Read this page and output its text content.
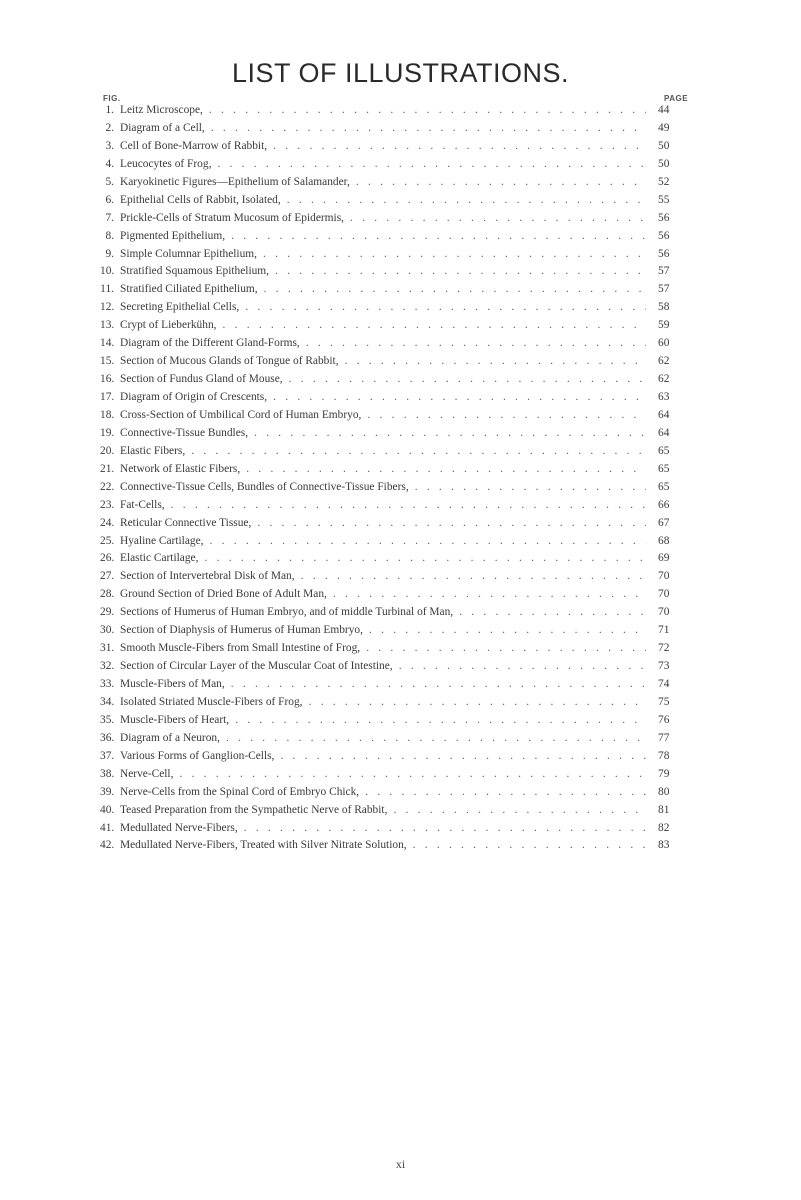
LIST OF ILLUSTRATIONS.
FIG.	PAGE
1. Leitz Microscope, . . .	44
2. Diagram of a Cell, . . .	49
3. Cell of Bone-Marrow of Rabbit, . . .	50
4. Leucocytes of Frog, . . .	50
5. Karyokinetic Figures—Epithelium of Salamander, . . .	52
6. Epithelial Cells of Rabbit, Isolated, . . .	55
7. Prickle-Cells of Stratum Mucosum of Epidermis, . . .	56
8. Pigmented Epithelium, . . .	56
9. Simple Columnar Epithelium, . . .	56
10. Stratified Squamous Epithelium, . . .	57
11. Stratified Ciliated Epithelium, . . .	57
12. Secreting Epithelial Cells, . . .	58
13. Crypt of Lieberkühn, . . .	59
14. Diagram of the Different Gland-Forms, . . .	60
15. Section of Mucous Glands of Tongue of Rabbit, . . .	62
16. Section of Fundus Gland of Mouse, . . .	62
17. Diagram of Origin of Crescents, . . .	63
18. Cross-Section of Umbilical Cord of Human Embryo, . . .	64
19. Connective-Tissue Bundles, . . .	64
20. Elastic Fibers, . . .	65
21. Network of Elastic Fibers, . . .	65
22. Connective-Tissue Cells, Bundles of Connective-Tissue Fibers, . . .	65
23. Fat-Cells, . . .	66
24. Reticular Connective Tissue, . . .	67
25. Hyaline Cartilage, . . .	68
26. Elastic Cartilage, . . .	69
27. Section of Intervertebral Disk of Man, . . .	70
28. Ground Section of Dried Bone of Adult Man, . . .	70
29. Sections of Humerus of Human Embryo, and of middle Turbinal of Man, . . .	70
30. Section of Diaphysis of Humerus of Human Embryo, . . .	71
31. Smooth Muscle-Fibers from Small Intestine of Frog, . . .	72
32. Section of Circular Layer of the Muscular Coat of Intestine, . . .	73
33. Muscle-Fibers of Man, . . .	74
34. Isolated Striated Muscle-Fibers of Frog, . . .	75
35. Muscle-Fibers of Heart, . . .	76
36. Diagram of a Neuron, . . .	77
37. Various Forms of Ganglion-Cells, . . .	78
38. Nerve-Cell, . . .	79
39. Nerve-Cells from the Spinal Cord of Embryo Chick, . . .	80
40. Teased Preparation from the Sympathetic Nerve of Rabbit, . . .	81
41. Medullated Nerve-Fibers, . . .	82
42. Medullated Nerve-Fibers, Treated with Silver Nitrate Solution, . . .	83
xi
